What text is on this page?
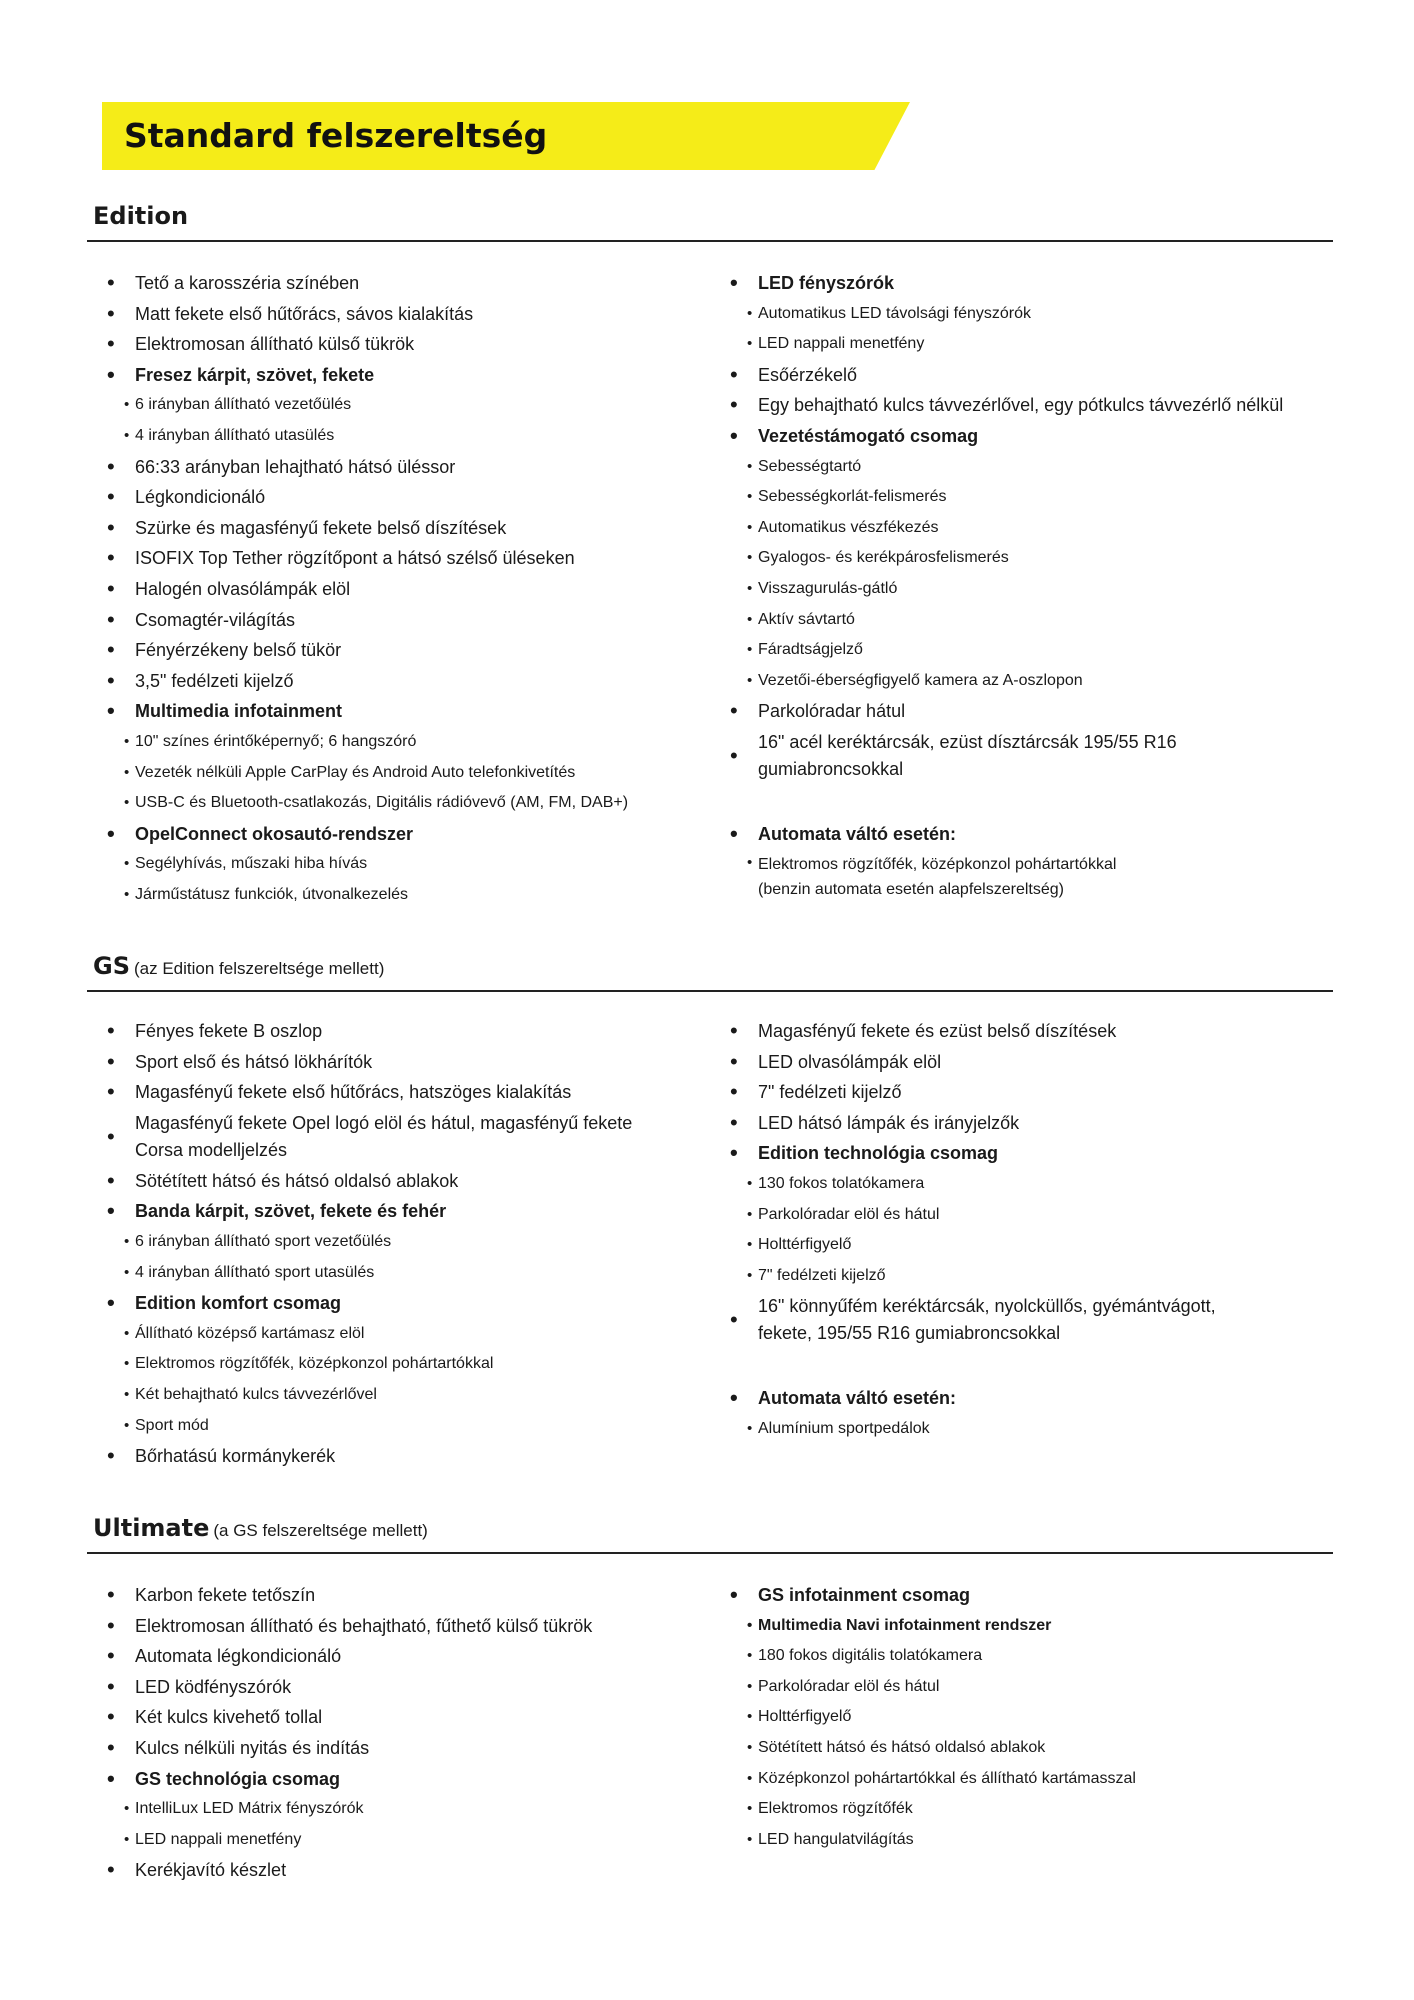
Standard felszereltség
Edition
• Tető a karosszéria színében
• Matt fekete első hűtőrács, sávos kialakítás
• Elektromosan állítható külső tükrök
• Fresez kárpit, szövet, fekete
• 6 irányban állítható vezetőülés
• 4 irányban állítható utasülés
• 66:33 arányban lehajtható hátsó üléssor
• Légkondicionáló
• Szürke és magasfényű fekete belső díszítések
• ISOFIX Top Tether rögzítőpont a hátsó szélső üléseken
• Halogén olvasólámpák elöl
• Csomagtér-világítás
• Fényérzékeny belső tükör
• 3,5" fedélzeti kijelző
• Multimedia infotainment
• 10" színes érintőképernyő; 6 hangszóró
• Vezeték nélküli Apple CarPlay és Android Auto telefonkivetítés
• USB-C és Bluetooth-csatlakozás, Digitális rádióvevő (AM, FM, DAB+)
• OpelConnect okosautó-rendszer
• Segélyhívás, műszaki hiba hívás
• Járműstátusz funkciók, útvonalkezelés
• LED fényszórók
• Automatikus LED távolsági fényszórók
• LED nappali menetfény
• Esőérzékelő
• Egy behajtható kulcs távvezérlővel, egy pótkulcs távvezérlő nélkül
• Vezetéstámogató csomag
• Sebességtartó
• Sebességkorlát-felismerés
• Automatikus vészfékezés
• Gyalogos- és kerékpárosfelismerés
• Visszagurulás-gátló
• Aktív sávtartó
• Fáradtságjelző
• Vezetői-éberségfigyelő kamera az A-oszlopon
• Parkolóradar hátul
• 16" acél keréktárcsák, ezüst dísztárcsák 195/55 R16
gumiabroncsokkal
• Automata váltó esetén:
• Elektromos rögzítőfék, középkonzol pohártartókkal
(benzin automata esetén alapfelszereltség)
GS (az Edition felszereltsége mellett)
• Fényes fekete B oszlop
• Sport első és hátsó lökhárítók
• Magasfényű fekete első hűtőrács, hatszöges kialakítás
• Magasfényű fekete Opel logó elöl és hátul, magasfényű fekete
Corsa modelljelzés
• Sötétített hátsó és hátsó oldalsó ablakok
• Banda kárpit, szövet, fekete és fehér
• 6 irányban állítható sport vezetőülés
• 4 irányban állítható sport utasülés
• Edition komfort csomag
• Állítható középső kartámasz elöl
• Elektromos rögzítőfék, középkonzol pohártartókkal
• Két behajtható kulcs távvezérlővel
• Sport mód
• Bőrhatású kormánykerék
• Magasfényű fekete és ezüst belső díszítések
• LED olvasólámpák elöl
• 7" fedélzeti kijelző
• LED hátsó lámpák és irányjelzők
• Edition technológia csomag
• 130 fokos tolatókamera
• Parkolóradar elöl és hátul
• Holttérfigyelő
• 7" fedélzeti kijelző
• 16" könnyűfém keréktárcsák, nyolcküllős, gyémántvágott,
fekete, 195/55 R16 gumiabroncsokkal
• Automata váltó esetén:
• Alumínium sportpedálok
Ultimate (a GS felszereltsége mellett)
• Karbon fekete tetőszín
• Elektromosan állítható és behajtható, fűthető külső tükrök
• Automata légkondicionáló
• LED ködfényszórók
• Két kulcs kivehető tollal
• Kulcs nélküli nyitás és indítás
• GS technológia csomag
• IntelliLux LED Mátrix fényszórók
• LED nappali menetfény
• Kerékjavító készlet
• GS infotainment csomag
• Multimedia Navi infotainment rendszer
• 180 fokos digitális tolatókamera
• Parkolóradar elöl és hátul
• Holttérfigyelő
• Sötétített hátsó és hátsó oldalsó ablakok
• Középkonzol pohártartókkal és állítható kartámasszal
• Elektromos rögzítőfék
• LED hangulatvilágítás
